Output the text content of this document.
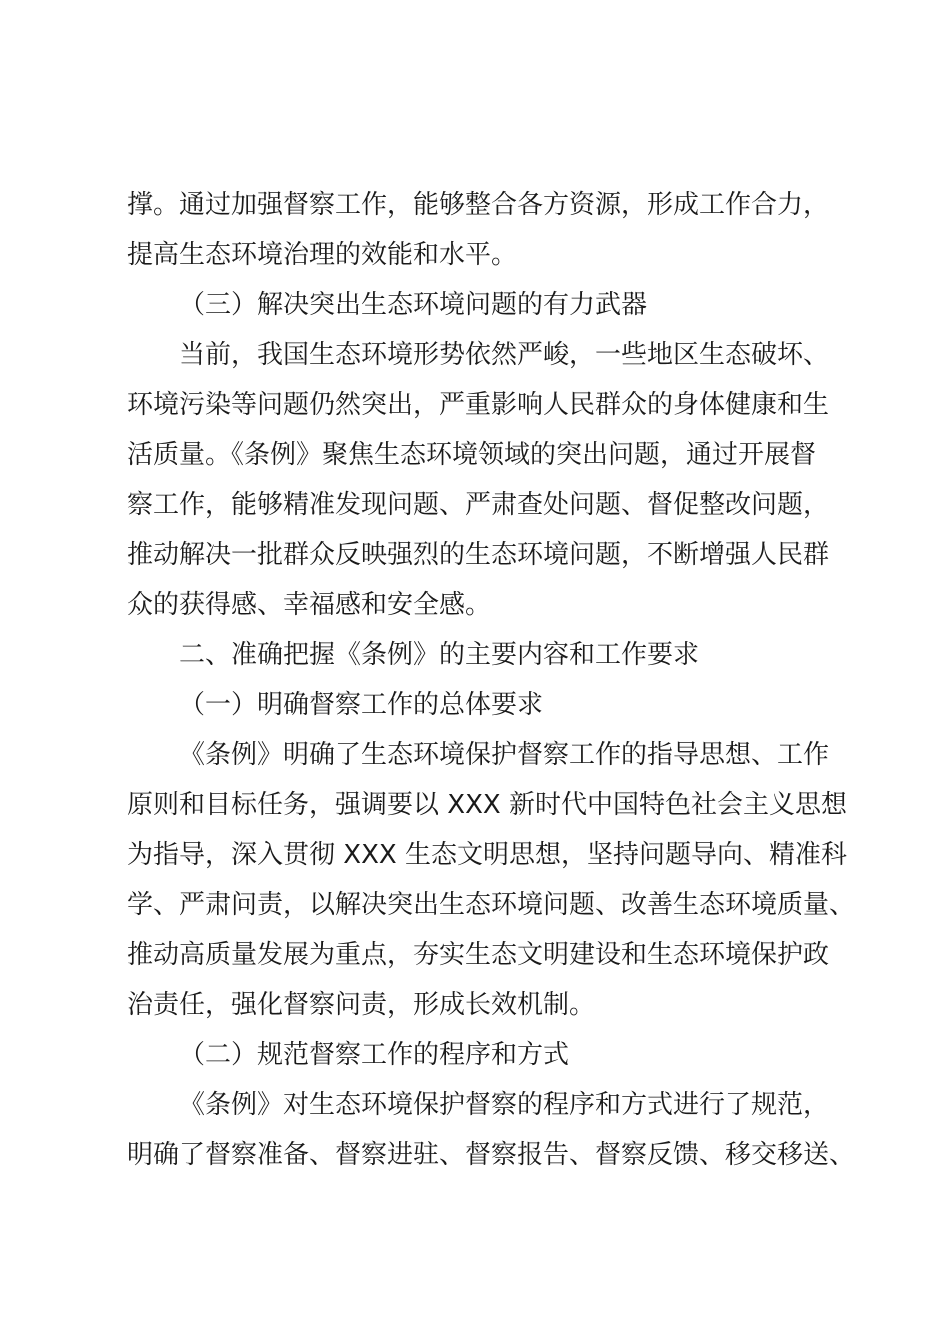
撑。通过加强督察工作，能够整合各方资源，形成工作合力，
提高生态环境治理的效能和水平。
（三）解决突出生态环境问题的有力武器
当前，我国生态环境形势依然严峻，一些地区生态破坏、
环境污染等问题仍然突出，严重影响人民群众的身体健康和生
活质量。《条例》聚焦生态环境领域的突出问题，通过开展督
察工作，能够精准发现问题、严肃查处问题、督促整改问题，
推动解决一批群众反映强烈的生态环境问题，不断增强人民群
众的获得感、幸福感和安全感。
二、准确把握《条例》的主要内容和工作要求
（一）明确督察工作的总体要求
《条例》明确了生态环境保护督察工作的指导思想、工作
原则和目标任务，强调要以 XXX 新时代中国特色社会主义思想
为指导，深入贯彻 XXX 生态文明思想，坚持问题导向、精准科
学、严肃问责，以解决突出生态环境问题、改善生态环境质量、
推动高质量发展为重点，夯实生态文明建设和生态环境保护政
治责任，强化督察问责，形成长效机制。
（二）规范督察工作的程序和方式
《条例》对生态环境保护督察的程序和方式进行了规范，
明确了督察准备、督察进驻、督察报告、督察反馈、移交移送、
